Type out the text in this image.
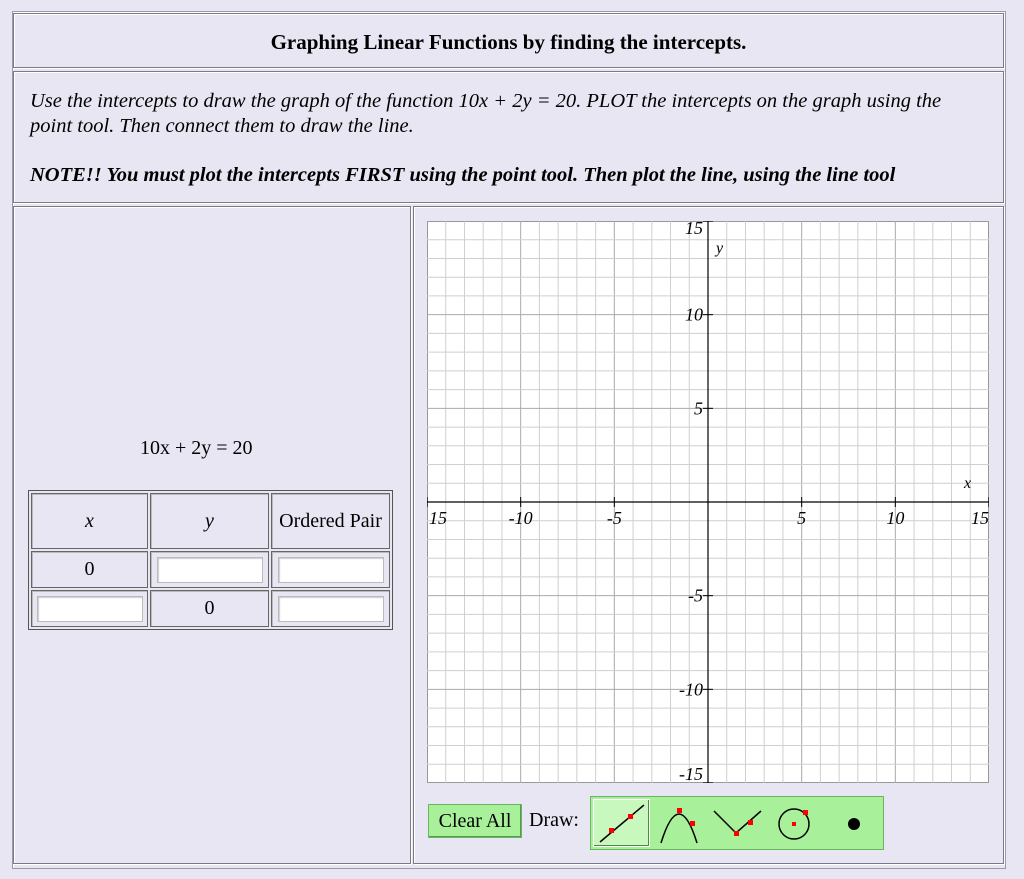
Graphing Linear Functions by finding the intercepts.
Use the intercepts to draw the graph of the function 10x + 2y = 20. PLOT the intercepts on the graph using the point tool. Then connect them to draw the line.
NOTE!! You must plot the intercepts FIRST using the point tool. Then plot the line, using the line tool
10x + 2y = 20
x	y	Ordered Pair
0	

	0	
15	-10	-5	5	10	15
15
10
5
-5
-10
-15
x
y
Clear All Draw:
